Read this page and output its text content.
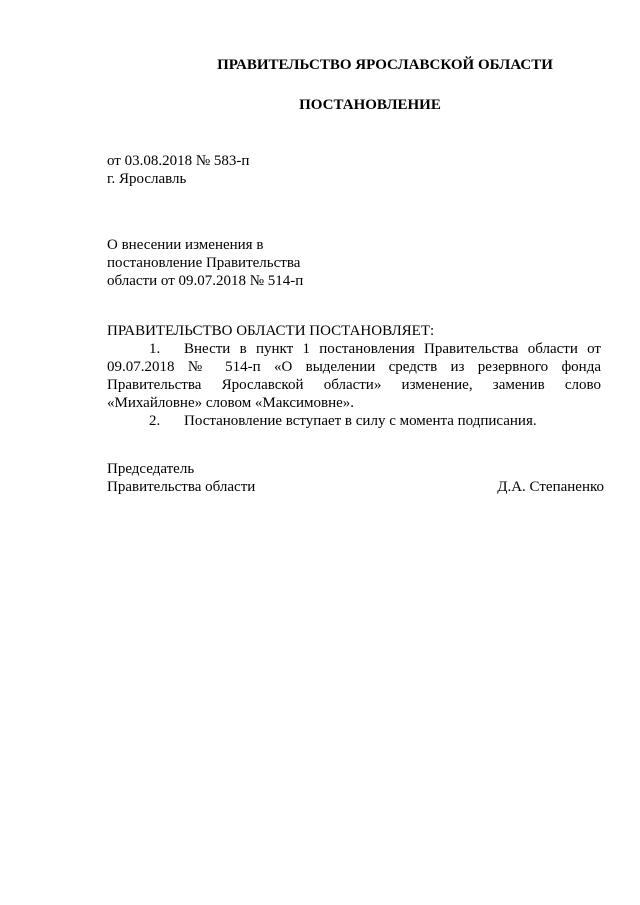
ПРАВИТЕЛЬСТВО ЯРОСЛАВСКОЙ ОБЛАСТИ
ПОСТАНОВЛЕНИЕ
от 03.08.2018 № 583-п
г. Ярославль
О внесении изменения в
постановление Правительства
области от 09.07.2018 № 514-п

ПРАВИТЕЛЬСТВО ОБЛАСТИ ПОСТАНОВЛЯЕТ:

1. Внести в пункт 1 постановления Правительства области от 09.07.2018 № 514-п «О выделении средств из резервного фонда Правительства Ярославской области» изменение, заменив слово «Михайловне» словом «Максимовне».

2. Постановление вступает в силу с момента подписания.

Председатель
Правительства области	Д.А. Степаненко
